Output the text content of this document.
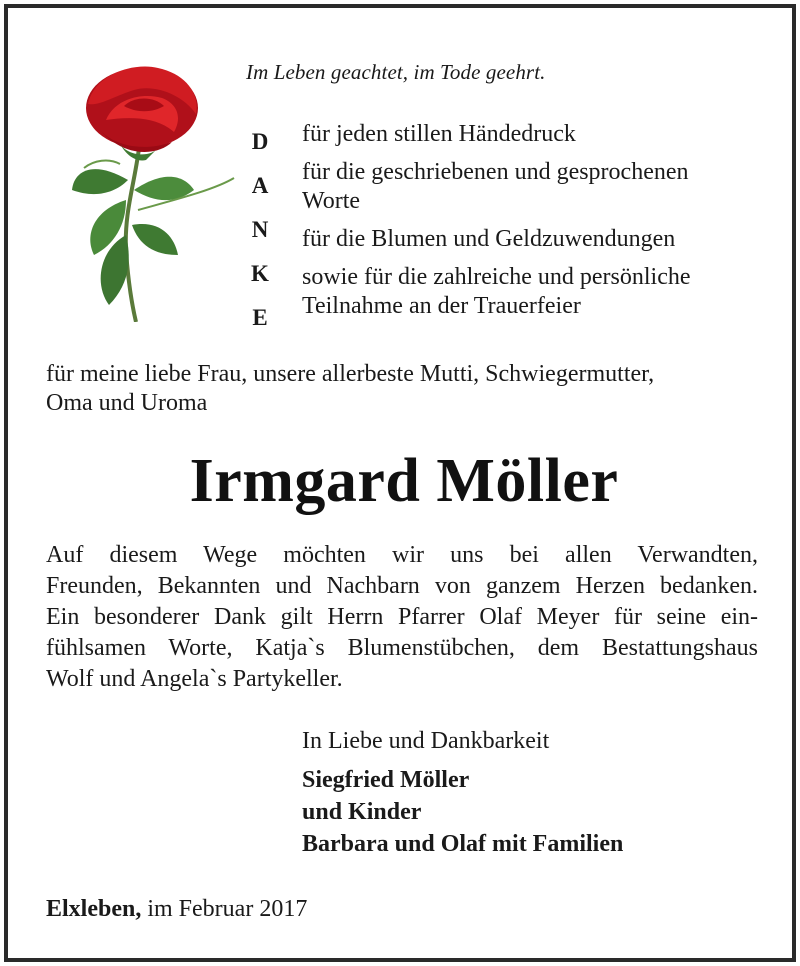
Im Leben geachtet, im Tode geehrt.
D
A
N
K
E
für jeden stillen Händedruck
für die geschriebenen und gesprochenen
Worte
für die Blumen und Geldzuwendungen
sowie für die zahlreiche und persönliche
Teilnahme an der Trauerfeier
für meine liebe Frau, unsere allerbeste Mutti, Schwiegermutter,
Oma und Uroma
Irmgard Möller
Auf diesem Wege möchten wir uns bei allen Verwandten,
Freunden, Bekannten und Nachbarn von ganzem Herzen bedanken.
Ein besonderer Dank gilt Herrn Pfarrer Olaf Meyer für seine ein-
fühlsamen Worte, Katja`s Blumenstübchen, dem Bestattungshaus
Wolf und Angela`s Partykeller.
In Liebe und Dankbarkeit
Siegfried Möller
und Kinder
Barbara und Olaf mit Familien
Elxleben, im Februar 2017
